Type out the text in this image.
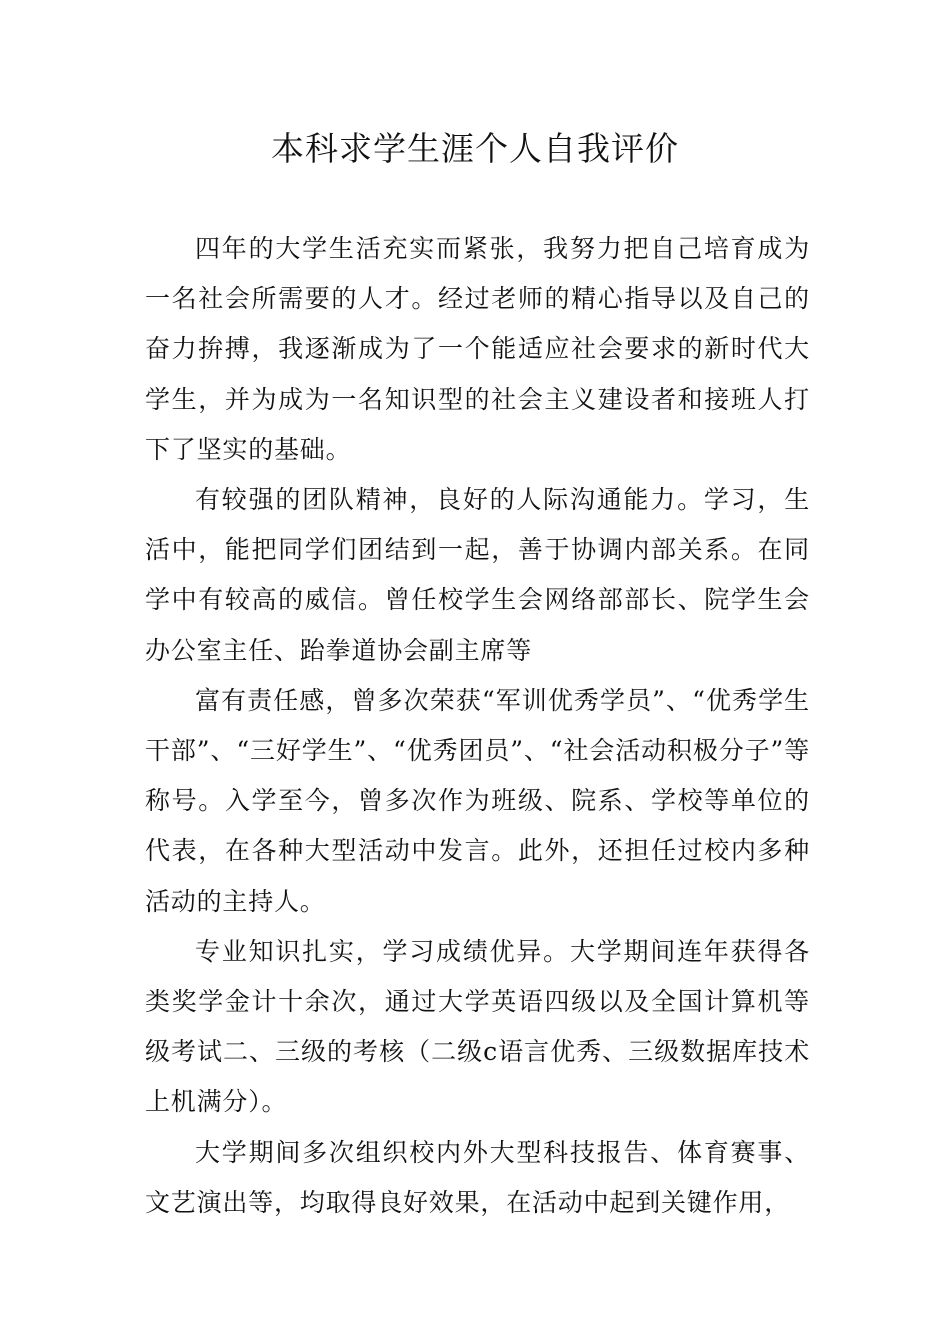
本科求学生涯个人自我评价

四年的大学生活充实而紧张，我努力把自己培育成为一名社会所需要的人才。经过老师的精心指导以及自己的奋力拚搏，我逐渐成为了一个能适应社会要求的新时代大学生，并为成为一名知识型的社会主义建设者和接班人打下了坚实的基础。

有较强的团队精神，良好的人际沟通能力。学习，生活中，能把同学们团结到一起，善于协调内部关系。在同学中有较高的威信。曾任校学生会网络部部长、院学生会办公室主任、跆拳道协会副主席等

富有责任感，曾多次荣获“军训优秀学员”、“优秀学生干部”、“三好学生”、“优秀团员”、“社会活动积极分子”等称号。入学至今，曾多次作为班级、院系、学校等单位的代表，在各种大型活动中发言。此外，还担任过校内多种活动的主持人。

专业知识扎实，学习成绩优异。大学期间连年获得各类奖学金计十余次，通过大学英语四级以及全国计算机等级考试二、三级的考核（二级c语言优秀、三级数据库技术上机满分）。

大学期间多次组织校内外大型科技报告、体育赛事、文艺演出等，均取得良好效果，在活动中起到关键作用，
